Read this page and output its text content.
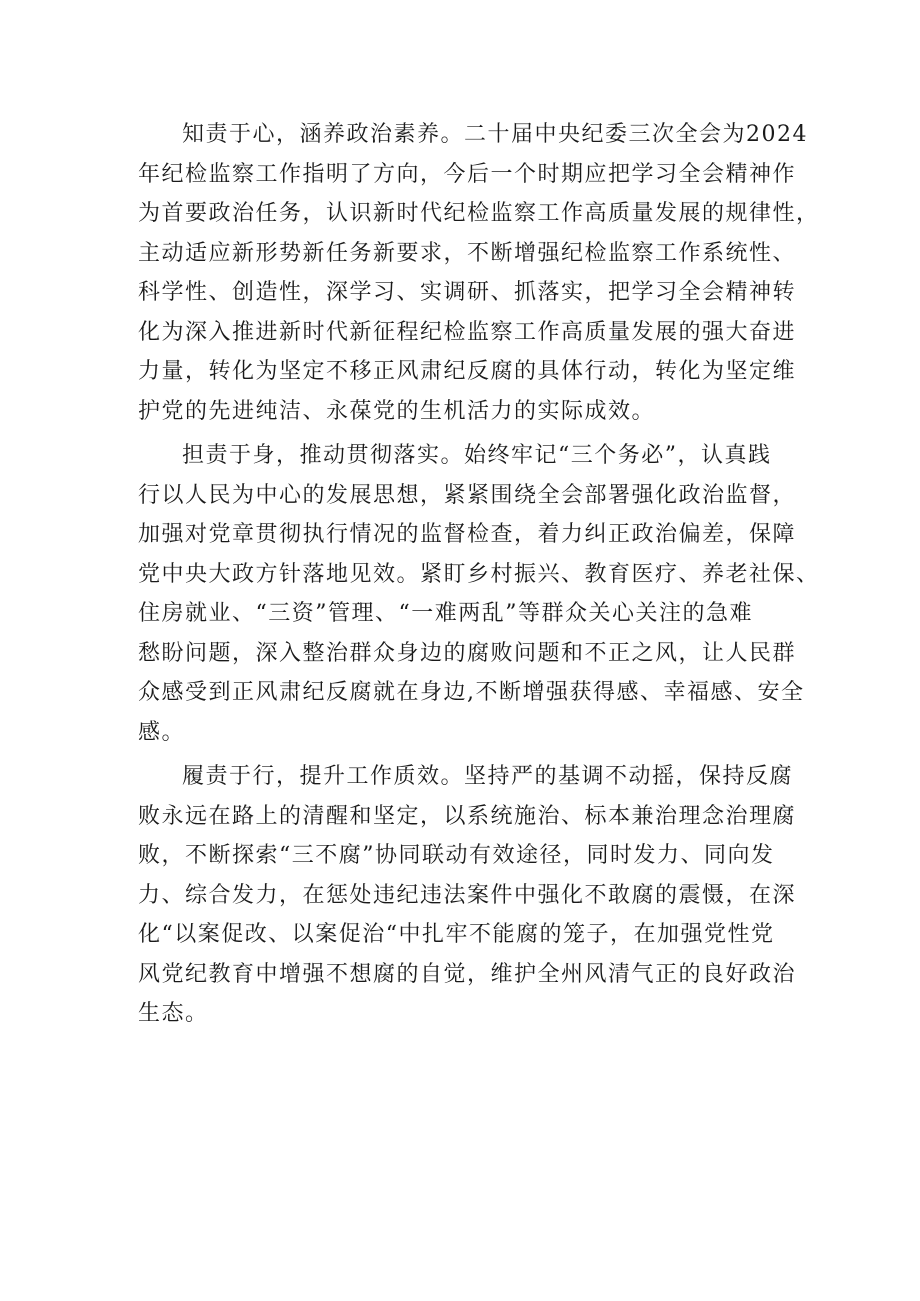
知责于心，涵养政治素养。二十届中央纪委三次全会为2024
年纪检监察工作指明了方向，今后一个时期应把学习全会精神作
为首要政治任务，认识新时代纪检监察工作高质量发展的规律性，
主动适应新形势新任务新要求，不断增强纪检监察工作系统性、
科学性、创造性，深学习、实调研、抓落实，把学习全会精神转
化为深入推进新时代新征程纪检监察工作高质量发展的强大奋进
力量，转化为坚定不移正风肃纪反腐的具体行动，转化为坚定维
护党的先进纯洁、永葆党的生机活力的实际成效。
担责于身，推动贯彻落实。始终牢记“三个务必”，认真践
行以人民为中心的发展思想，紧紧围绕全会部署强化政治监督，
加强对党章贯彻执行情况的监督检查，着力纠正政治偏差，保障
党中央大政方针落地见效。紧盯乡村振兴、教育医疗、养老社保、
住房就业、“三资”管理、“一难两乱”等群众关心关注的急难
愁盼问题，深入整治群众身边的腐败问题和不正之风，让人民群
众感受到正风肃纪反腐就在身边,不断增强获得感、幸福感、安全
感。
履责于行，提升工作质效。坚持严的基调不动摇，保持反腐
败永远在路上的清醒和坚定，以系统施治、标本兼治理念治理腐
败，不断探索“三不腐”协同联动有效途径，同时发力、同向发
力、综合发力，在惩处违纪违法案件中强化不敢腐的震慑，在深
化“以案促改、以案促治“中扎牢不能腐的笼子，在加强党性党
风党纪教育中增强不想腐的自觉，维护全州风清气正的良好政治
生态。
